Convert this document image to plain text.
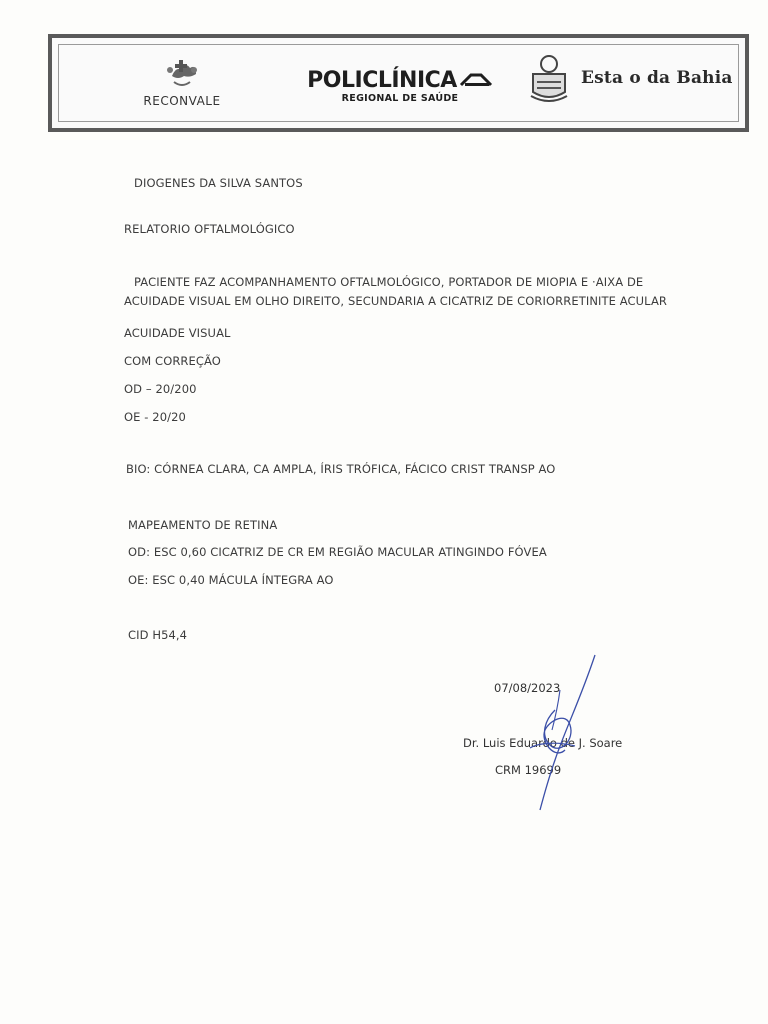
RECONVALE
POLICLÍNICA
REGIONAL DE SAÚDE
Esta o da Bahia
DIOGENES DA SILVA SANTOS
RELATORIO OFTALMOLÓGICO
PACIENTE FAZ ACOMPANHAMENTO OFTALMOLÓGICO, PORTADOR DE MIOPIA E ·AIXA DE
ACUIDADE VISUAL EM OLHO DIREITO, SECUNDARIA A CICATRIZ DE CORIORRETINITE ACULAR
ACUIDADE VISUAL
COM CORREÇÃO
OD – 20/200
OE - 20/20
BIO: CÓRNEA CLARA, CA AMPLA, ÍRIS TRÓFICA, FÁCICO CRIST TRANSP AO
MAPEAMENTO DE RETINA
OD: ESC 0,60 CICATRIZ DE CR EM REGIÃO MACULAR ATINGINDO FÓVEA
OE: ESC 0,40 MÁCULA ÍNTEGRA AO
CID H54,4
07/08/2023
Dr. Luis Eduardo de J. Soare
CRM 19699
